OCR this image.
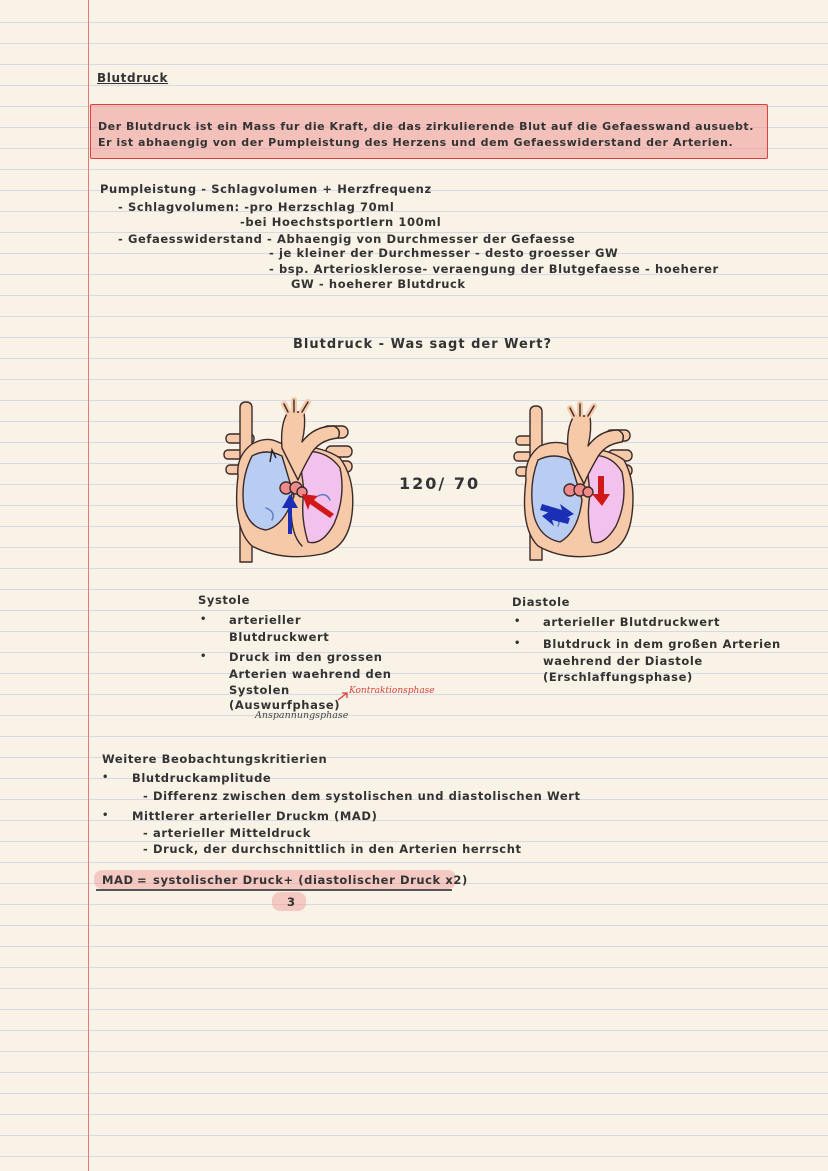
Blutdruck
Der Blutdruck ist ein Mass fur die Kraft, die das zirkulierende Blut auf die Gefaesswand ausuebt.
Er ist abhaengig von der Pumpleistung des Herzens und dem Gefaesswiderstand der Arterien.
Pumpleistung - Schlagvolumen + Herzfrequenz
- Schlagvolumen: -pro Herzschlag 70ml
-bei Hoechstsportlern 100ml
- Gefaesswiderstand - Abhaengig von Durchmesser der Gefaesse
- je kleiner der Durchmesser - desto groesser GW
- bsp. Arteriosklerose- veraengung der Blutgefaesse - hoeherer
GW - hoeherer Blutdruck
Blutdruck - Was sagt der Wert?
120/ 70
Systole
• arterieller
Blutdruckwert
• Druck im den grossen
Arterien waehrend den
Systolen
(Auswurfphase)
Kontraktionsphase
Anspannungsphase
Diastole
• arterieller Blutdruckwert
• Blutdruck in dem großen Arterien
waehrend der Diastole
(Erschlaffungsphase)
Weitere Beobachtungskritierien
• Blutdruckamplitude
- Differenz zwischen dem systolischen und diastolischen Wert
• Mittlerer arterieller Druckm (MAD)
- arterieller Mitteldruck
- Druck, der durchschnittlich in den Arterien herrscht
MAD = systolischer Druck+ (diastolischer Druck x2)
3
